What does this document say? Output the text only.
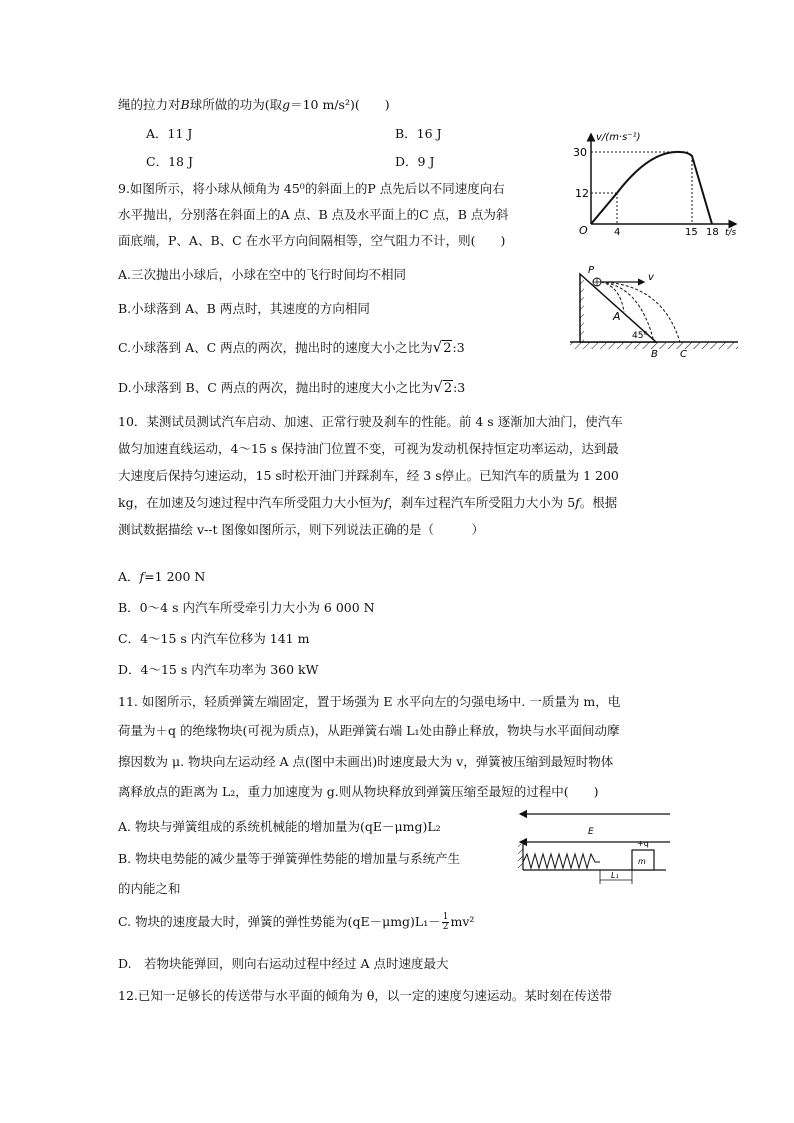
绳的拉力对B球所做的功为(取g＝10 m/s²)(　　)
A．11 J	B．16 J
C．18 J	D．9 J
9.如图所示，将小球从倾角为 45⁰的斜面上的P 点先后以不同速度向右
水平抛出，分别落在斜面上的A 点、B 点及水平面上的C 点，B 点为斜
面底端，P、A、B、C 在水平方向间隔相等，空气阻力不计，则(　　)
A.三次抛出小球后，小球在空中的飞行时间均不相同
B.小球落到 A、B 两点时，其速度的方向相同
C.小球落到 A、C 两点的两次，抛出时的速度大小之比为√2:3
D.小球落到 B、C 两点的两次，抛出时的速度大小之比为√2:3
10．某测试员测试汽车启动、加速、正常行驶及刹车的性能。前 4 s 逐渐加大油门，使汽车
做匀加速直线运动，4～15 s 保持油门位置不变，可视为发动机保持恒定功率运动，达到最
大速度后保持匀速运动，15 s时松开油门并踩刹车，经 3 s停止。已知汽车的质量为 1 200
kg，在加速及匀速过程中汽车所受阻力大小恒为f，刹车过程汽车所受阻力大小为 5f。根据
测试数据描绘 v--t 图像如图所示，则下列说法正确的是（　　　）
A．f=1 200 N
B．0～4 s 内汽车所受牵引力大小为 6 000 N
C．4～15 s 内汽车位移为 141 m
D．4～15 s 内汽车功率为 360 kW
11. 如图所示，轻质弹簧左端固定，置于场强为 E 水平向左的匀强电场中. 一质量为 m，电
荷量为＋q 的绝缘物块(可视为质点)，从距弹簧右端 L₁处由静止释放，物块与水平面间动摩
擦因数为 μ. 物块向左运动经 A 点(图中未画出)时速度最大为 v，弹簧被压缩到最短时物体
离释放点的距离为 L₂，重力加速度为 g.则从物块释放到弹簧压缩至最短的过程中(　　)
A. 物块与弹簧组成的系统机械能的增加量为(qE－μmg)L₂
B. 物块电势能的减少量等于弹簧弹性势能的增加量与系统产生
的内能之和
C. 物块的速度最大时，弹簧的弹性势能为$(qE-\mu mg)L_1- \frac{1}{2} mv^2$
D.　若物块能弹回，则向右运动过程中经过 A 点时速度最大
12.已知一足够长的传送带与水平面的倾角为 θ，以一定的速度匀速运动。某时刻在传送带
v/(m·s⁻¹)
t/s
O
12
30
4	15 18
P
v
A
45⁰
B C
E
+q
m
L₁
